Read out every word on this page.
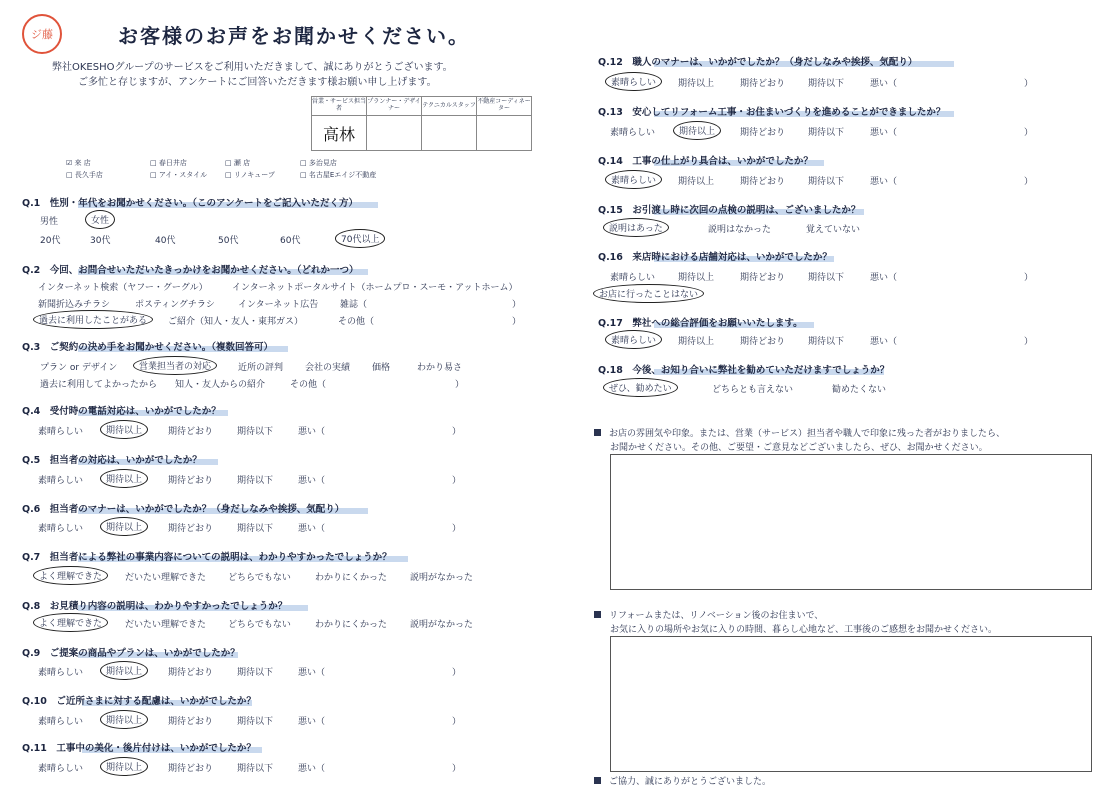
ジ藤	お客様のお声をお聞かせください。
弊社OKESHOグループのサービスをご利用いただきまして、誠にありがとうございます。
ご多忙と存じますが、アンケートにご回答いただきます様お願い申し上げます。
営業・サービス担当者	プランナー・デザイナー	テクニカルスタッフ	不動産コーディネーター
高林			
☑ 来 店	□ 春日井店	□ 瀬 店	□ 多治見店
□ 長久手店	□ アイ・スタイル	□ リノキューブ	□ 名古屋Eエイジ不動産
Q.1　性別・年代をお聞かせください。（このアンケートをご記入いただく方）
男性	女性
20代	30代	40代	50代	60代	70代以上
Q.2　今回、お問合せいただいたきっかけをお聞かせください。（どれか一つ）
インターネット検索（ヤフー・グーグル）	インターネットポータルサイト（ホームプロ・スーモ・アットホーム）
新聞折込みチラシ	ポスティングチラシ	インターネット広告 雑誌（	）
過去に利用したことがある	ご紹介（知人・友人・東邦ガス）	その他（	）
Q.3　ご契約の決め手をお聞かせください。（複数回答可）
プラン or デザイン	営業担当者の対応	近所の評判 会社の実績 価格	わかり易さ
過去に利用してよかったから 知人・友人からの紹介	その他（	）
Q.4　受付時の電話対応は、いかがでしたか？
素晴らしい	期待以上	期待どおり	期待以下	悪い（	）
Q.5　担当者の対応は、いかがでしたか？
素晴らしい	期待以上	期待どおり	期待以下	悪い（	）
Q.6　担当者のマナーは、いかがでしたか？（身だしなみや挨拶、気配り）
素晴らしい	期待以上	期待どおり	期待以下	悪い（	）
Q.7　担当者による弊社の事業内容についての説明は、わかりやすかったでしょうか？
よく理解できた	だいたい理解できた どちらでもない	わかりにくかった	説明がなかった
Q.8　お見積り内容の説明は、わかりやすかったでしょうか？
よく理解できた	だいたい理解できた どちらでもない	わかりにくかった	説明がなかった
Q.9　ご提案の商品やプランは、いかがでしたか？
素晴らしい	期待以上	期待どおり	期待以下	悪い（	）
Q.10　ご近所さまに対する配慮は、いかがでしたか？
素晴らしい	期待以上	期待どおり	期待以下	悪い（	）
Q.11　工事中の美化・後片付けは、いかがでしたか？
素晴らしい	期待以上	期待どおり	期待以下	悪い（	）
Q.12　職人のマナーは、いかがでしたか？（身だしなみや挨拶、気配り）
素晴らしい	期待以上	期待どおり	期待以下	悪い（	）
Q.13　安心してリフォーム工事・お住まいづくりを進めることができましたか？
素晴らしい	期待以上	期待どおり	期待以下	悪い（	）
Q.14　工事の仕上がり具合は、いかがでしたか？
素晴らしい	期待以上	期待どおり	期待以下	悪い（	）
Q.15　お引渡し時に次回の点検の説明は、ございましたか？
説明はあった	説明はなかった	覚えていない
Q.16　来店時における店舗対応は、いかがでしたか？
素晴らしい	期待以上	期待どおり	期待以下	悪い（	）
お店に行ったことはない
Q.17　弊社への総合評価をお願いいたします。
素晴らしい	期待以上	期待どおり	期待以下	悪い（	）
Q.18　今後、お知り合いに弊社を勧めていただけますでしょうか？
ぜひ、勧めたい	どちらとも言えない	勧めたくない
お店の雰囲気や印象。または、営業（サービス）担当者や職人で印象に残った者がおりましたら、
お聞かせください。その他、ご要望・ご意見などございましたら、ぜひ、お聞かせください。
リフォームまたは、リノベーション後のお住まいで、
お気に入りの場所やお気に入りの時間、暮らし心地など、工事後のご感想をお聞かせください。
ご協力、誠にありがとうございました。
